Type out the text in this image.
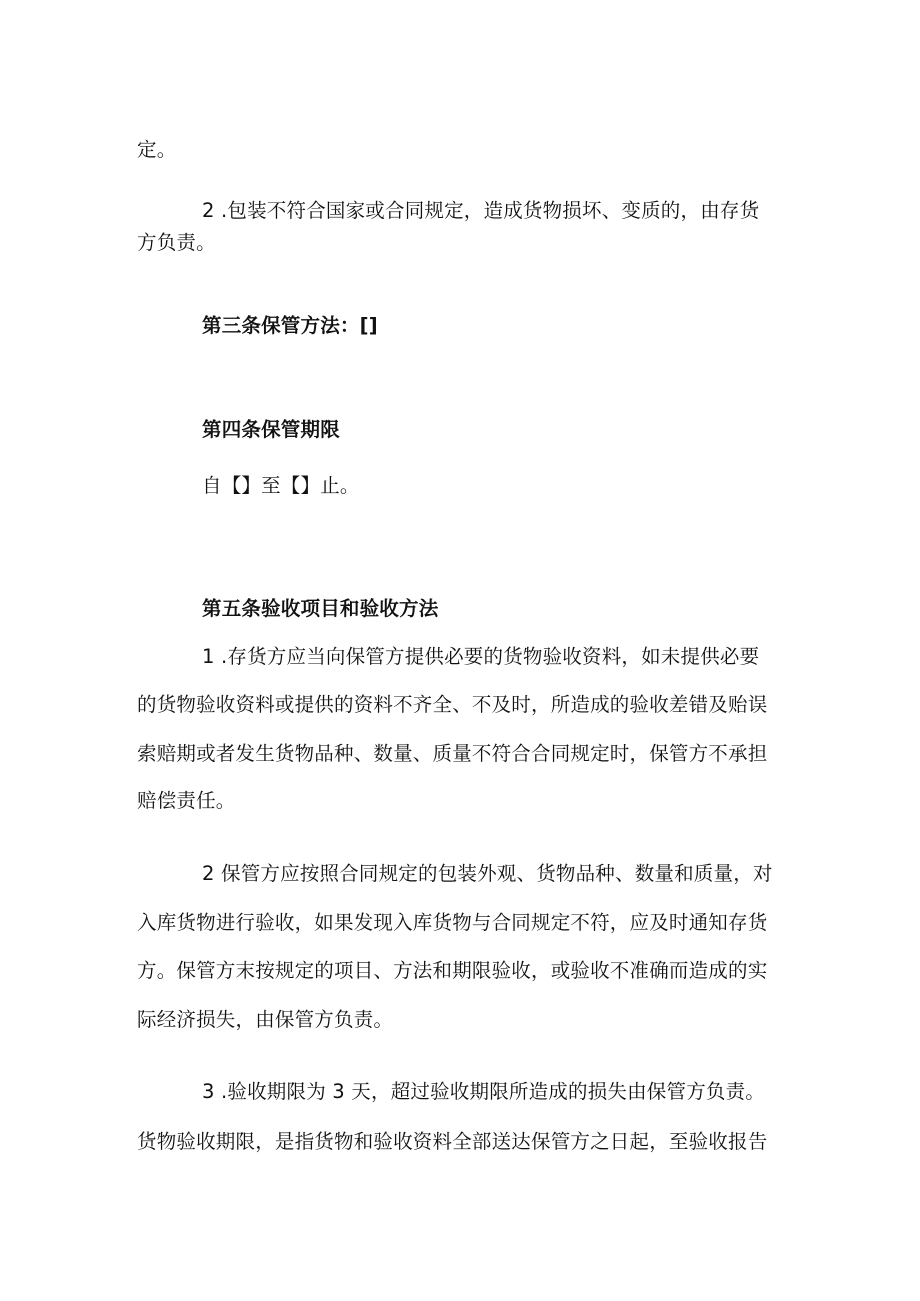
定。
2 .包装不符合国家或合同规定，造成货物损坏、变质的，由存货
方负责。
第三条保管方法：[]
第四条保管期限
自【】至【】止。
第五条验收项目和验收方法
1 .存货方应当向保管方提供必要的货物验收资料，如未提供必要
的货物验收资料或提供的资料不齐全、不及时，所造成的验收差错及贻误
索赔期或者发生货物品种、数量、质量不符合合同规定时，保管方不承担
赔偿责任。
2 保管方应按照合同规定的包装外观、货物品种、数量和质量，对
入库货物进行验收，如果发现入库货物与合同规定不符，应及时通知存货
方。保管方末按规定的项目、方法和期限验收，或验收不准确而造成的实
际经济损失，由保管方负责。
3 .验收期限为 3 天，超过验收期限所造成的损失由保管方负责。
货物验收期限，是指货物和验收资料全部送达保管方之日起，至验收报告
